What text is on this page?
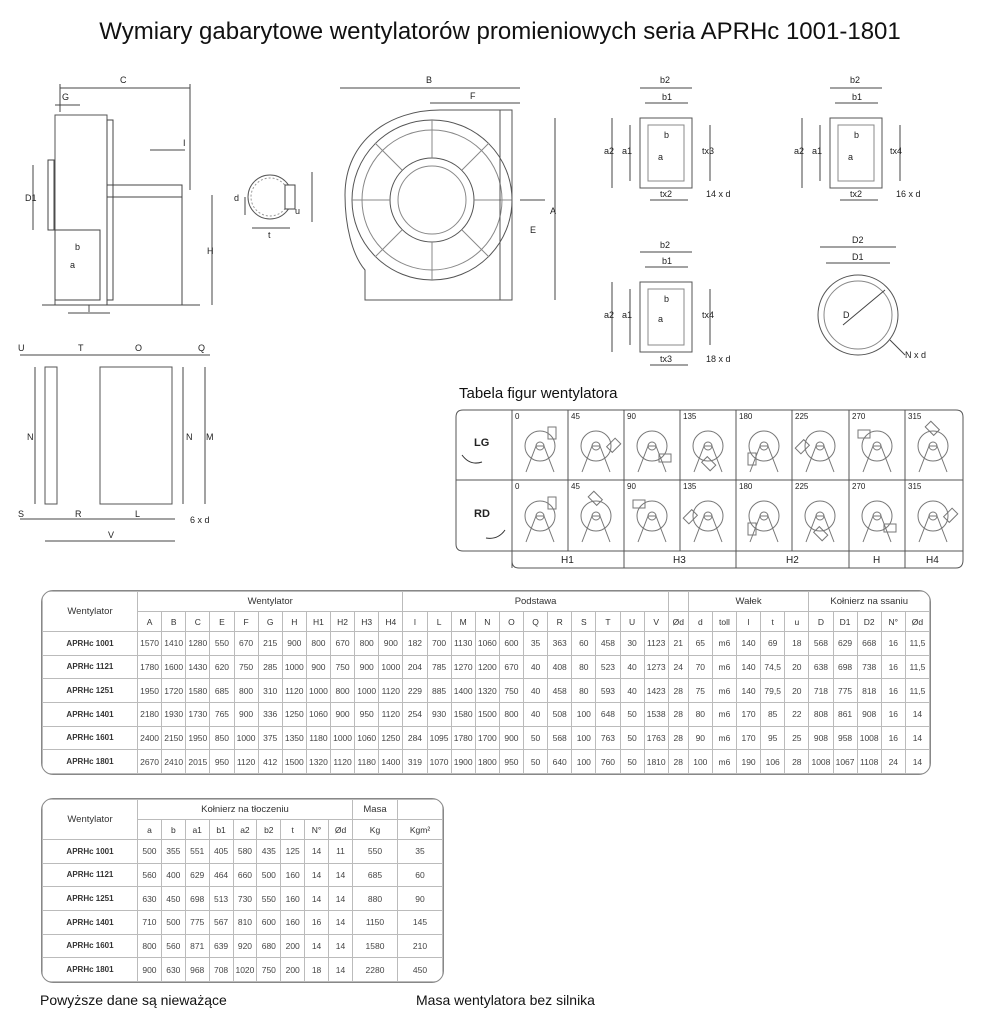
Wymiary gabarytowe wentylatorów promieniowych seria APRHc 1001-1801
C
G
I
D1
b
a
H
l
d
t
u
B
F
A
E
b2
b1
a2 a1
b
a
tx3
tx2	14 x d
b2
b1
a2 a1
b
a
tx4
tx2	16 x d
b2
b1
a2 a1
b
a	tx4
tx3	18 x d
D2
D1
D
N x d
U	T	O	Q
N	N M
S	R	L
V
6 x d
Tabela figur wentylatora
LG
RD
0	45	90	135	180	225	270	315
0	45	90	135	180	225	270	315
H1	H3	H2	H	H4
Wentylator	Wentylator											Podstawa												Wałek					Kołnierz na ssaniu				
	A	B	C	E	F	G	H	H1	H2	H3	H4	l	L	M	N	O	Q	R	S	T	U	V	Ød	d	toll	l	t	u	D	D1	D2	N°	Ød
APRHc 1001	1570	1410	1280	550	670	215	900	800	670	800	900	182	700	1130	1060	600	35	363	60	458	30	1123	21	65	m6	140	69	18	568	629	668	16	11,5
APRHc 1121	1780	1600	1430	620	750	285	1000	900	750	900	1000	204	785	1270	1200	670	40	408	80	523	40	1273	24	70	m6	140	74,5	20	638	698	738	16	11,5
APRHc 1251	1950	1720	1580	685	800	310	1120	1000	800	1000	1120	229	885	1400	1320	750	40	458	80	593	40	1423	28	75	m6	140	79,5	20	718	775	818	16	11,5
APRHc 1401	2180	1930	1730	765	900	336	1250	1060	900	950	1120	254	930	1580	1500	800	40	508	100	648	50	1538	28	80	m6	170	85	22	808	861	908	16	14
APRHc 1601	2400	2150	1950	850	1000	375	1350	1180	1000	1060	1250	284	1095	1780	1700	900	50	568	100	763	50	1763	28	90	m6	170	95	25	908	958	1008	16	14
APRHc 1801	2670	2410	2015	950	1120	412	1500	1320	1120	1180	1400	319	1070	1900	1800	950	50	640	100	760	50	1810	28	100	m6	190	106	28	1008	1067	1108	24	14
Wentylator	Kołnierz na tłoczeniu									Masa	
	a	b	a1	b1	a2	b2	t	N°	Ød	Kg	Kgm²
APRHc 1001	500	355	551	405	580	435	125	14	11	550	35
APRHc 1121	560	400	629	464	660	500	160	14	14	685	60
APRHc 1251	630	450	698	513	730	550	160	14	14	880	90
APRHc 1401	710	500	775	567	810	600	160	16	14	1150	145
APRHc 1601	800	560	871	639	920	680	200	14	14	1580	210
APRHc 1801	900	630	968	708	1020	750	200	18	14	2280	450
Powyższe dane są nieważące	Masa wentylatora bez silnika
